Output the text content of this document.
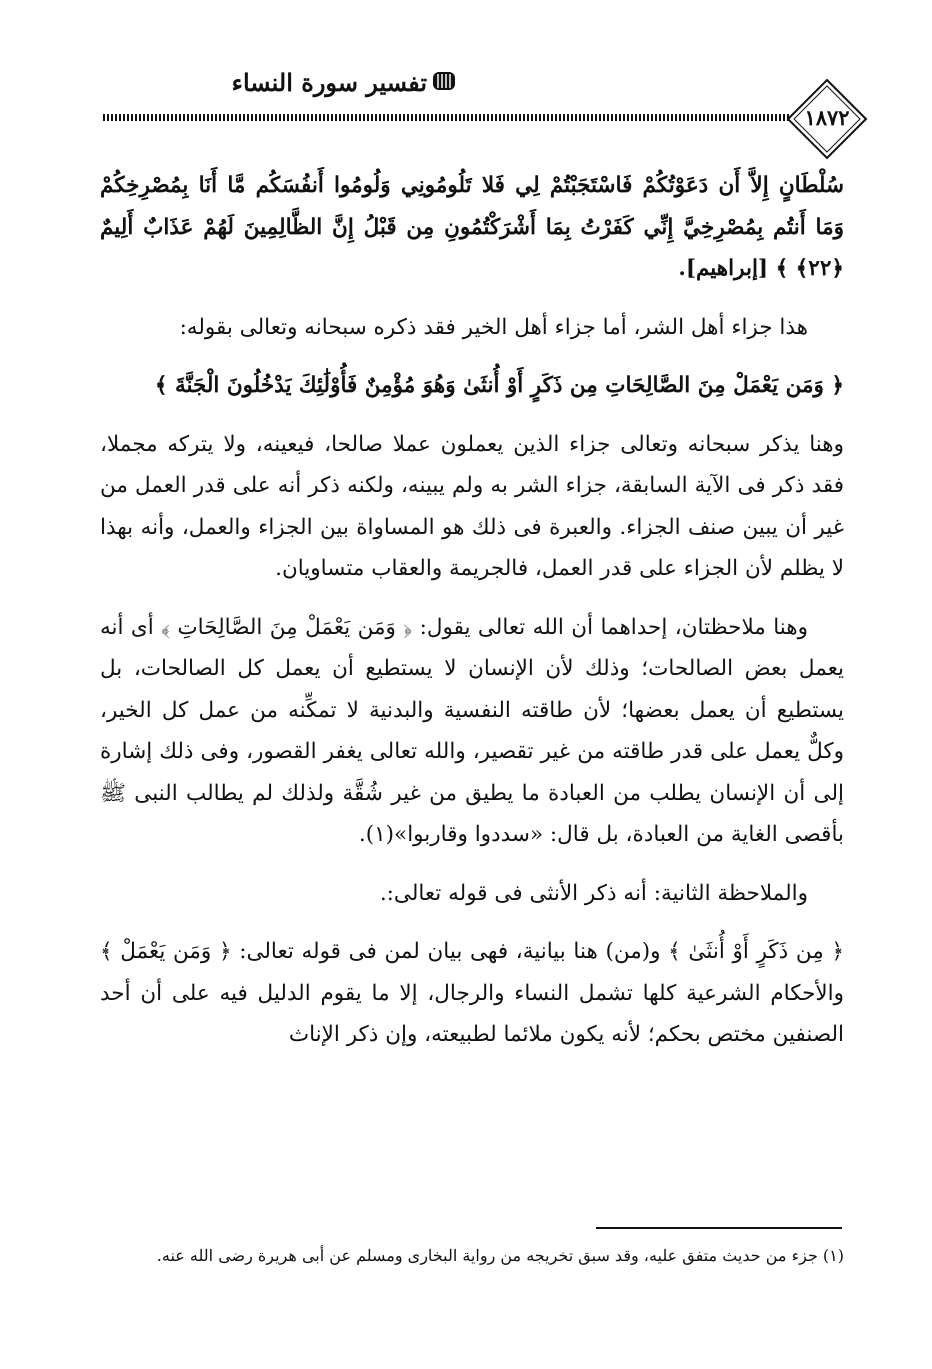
تفسير سورة النساء
١٨٧٢

سُلْطَانٍ إِلاَّ أَن دَعَوْتُكُمْ فَاسْتَجَبْتُمْ لِي فَلا تَلُومُونِي وَلُومُوا أَنفُسَكُم مَّا أَنَا بِمُصْرِخِكُمْ وَمَا أَنتُم بِمُصْرِخِيَّ إِنِّي كَفَرْتُ بِمَا أَشْرَكْتُمُونِ مِن قَبْلُ إِنَّ الظَّالِمِينَ لَهُمْ عَذَابٌ أَلِيمٌ ﴿٢٢﴾ ﴾ [إبراهيم].

هذا جزاء أهل الشر، أما جزاء أهل الخير فقد ذكره سبحانه وتعالى بقوله:

﴿ وَمَن يَعْمَلْ مِنَ الصَّالِحَاتِ مِن ذَكَرٍ أَوْ أُنثَىٰ وَهُوَ مُؤْمِنٌ فَأُوْلَٰئِكَ يَدْخُلُونَ الْجَنَّةَ ﴾

وهنا يذكر سبحانه وتعالى جزاء الذين يعملون عملا صالحا، فيعينه، ولا يتركه مجملا، فقد ذكر فى الآية السابقة، جزاء الشر به ولم يبينه، ولكنه ذكر أنه على قدر العمل من غير أن يبين صنف الجزاء. والعبرة فى ذلك هو المساواة بين الجزاء والعمل، وأنه بهذا لا يظلم لأن الجزاء على قدر العمل، فالجريمة والعقاب متساويان.

وهنا ملاحظتان، إحداهما أن الله تعالى يقول: ﴿ وَمَن يَعْمَلْ مِنَ الصَّالِحَاتِ ﴾ أى أنه يعمل بعض الصالحات؛ وذلك لأن الإنسان لا يستطيع أن يعمل كل الصالحات، بل يستطيع أن يعمل بعضها؛ لأن طاقته النفسية والبدنية لا تمكِّنه من عمل كل الخير، وكلٌّ يعمل على قدر طاقته من غير تقصير، والله تعالى يغفر القصور، وفى ذلك إشارة إلى أن الإنسان يطلب من العبادة ما يطيق من غير شُقَّة ولذلك لم يطالب النبى ﷺ بأقصى الغاية من العبادة، بل قال: «سددوا وقاربوا»(١).

والملاحظة الثانية: أنه ذكر الأنثى فى قوله تعالى:.

﴿ مِن ذَكَرٍ أَوْ أُنثَىٰ ﴾ و(من) هنا بيانية، فهى بيان لمن فى قوله تعالى: ﴿ وَمَن يَعْمَلْ ﴾ والأحكام الشرعية كلها تشمل النساء والرجال، إلا ما يقوم الدليل فيه على أن أحد الصنفين مختص بحكم؛ لأنه يكون ملائما لطبيعته، وإن ذكر الإناث

(١) جزء من حديث متفق عليه، وقد سبق تخريجه من رواية البخارى ومسلم عن أبى هريرة رضى الله عنه.
